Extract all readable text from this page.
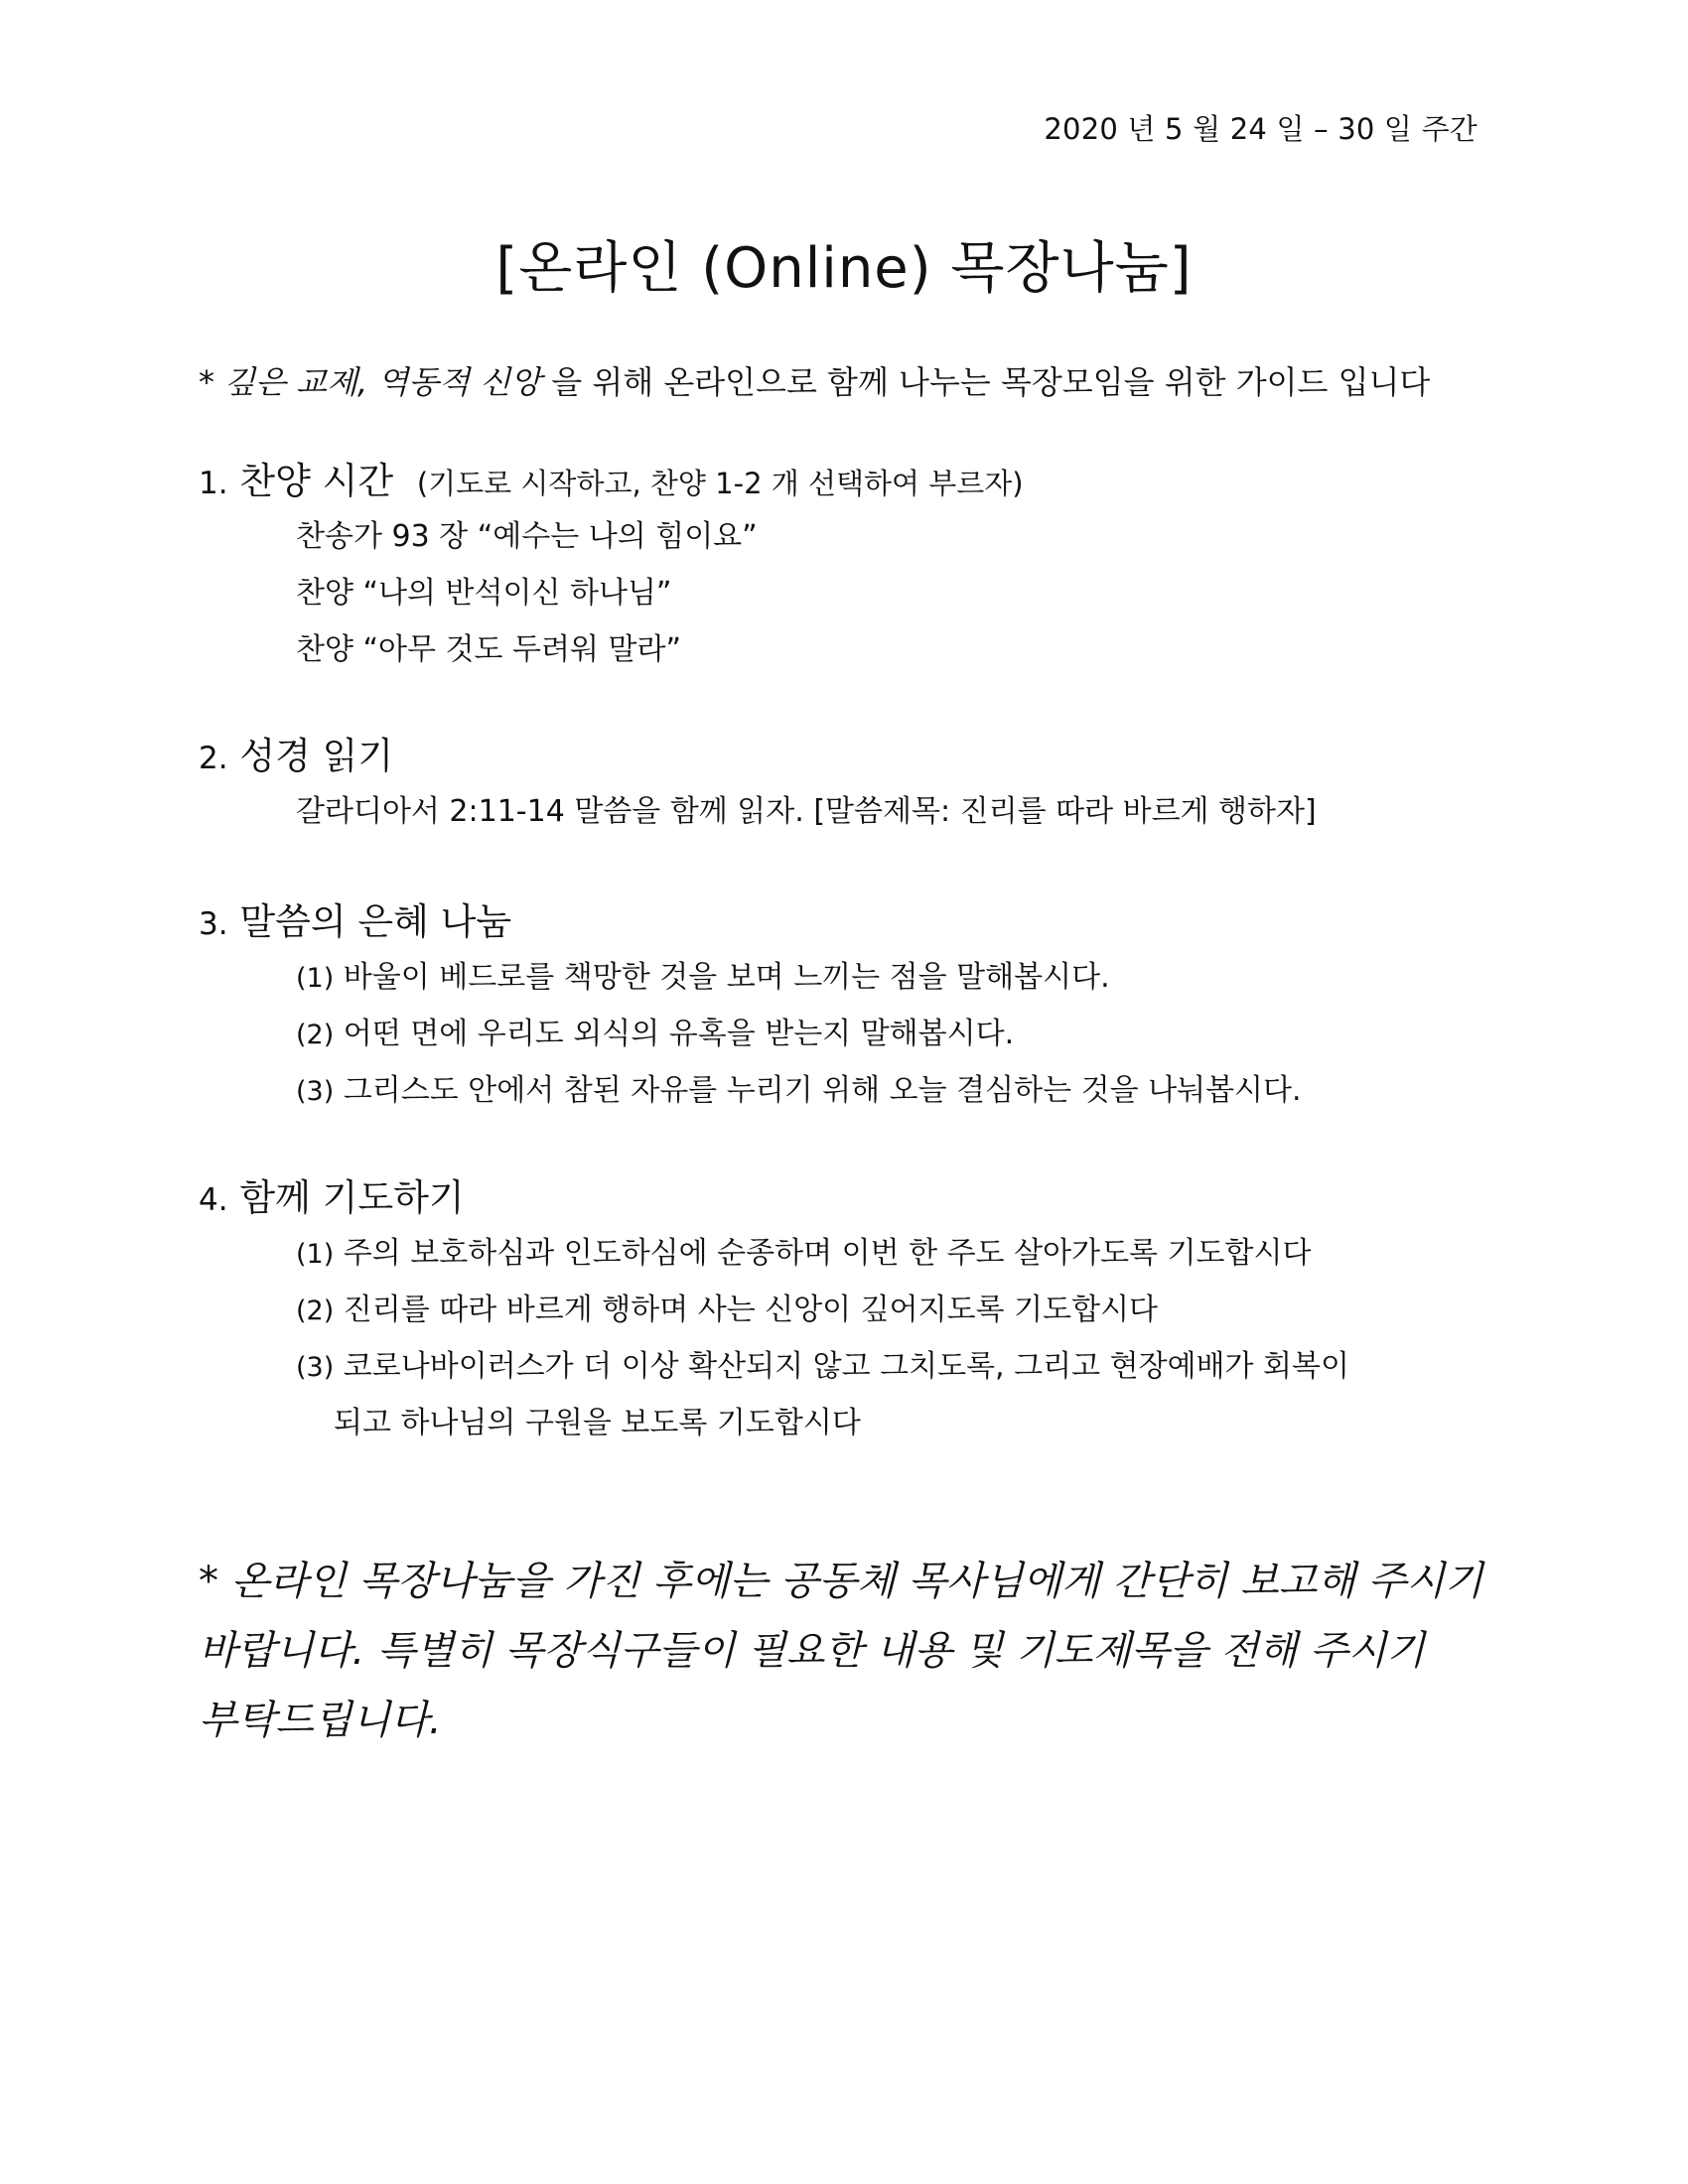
2020 년 5 월 24 일 – 30 일 주간
[온라인 (Online) 목장나눔]
* 깊은 교제, 역동적 신앙 을 위해 온라인으로 함께 나누는 목장모임을 위한 가이드 입니다
1. 찬양 시간 (기도로 시작하고, 찬양 1-2 개 선택하여 부르자)
찬송가 93 장 “예수는 나의 힘이요”
찬양 “나의 반석이신 하나님”
찬양 “아무 것도 두려워 말라”
2. 성경 읽기
갈라디아서 2:11-14 말씀을 함께 읽자. [말씀제목: 진리를 따라 바르게 행하자]
3. 말씀의 은혜 나눔
(1) 바울이 베드로를 책망한 것을 보며 느끼는 점을 말해봅시다.
(2) 어떤 면에 우리도 외식의 유혹을 받는지 말해봅시다.
(3) 그리스도 안에서 참된 자유를 누리기 위해 오늘 결심하는 것을 나눠봅시다.
4. 함께 기도하기
(1) 주의 보호하심과 인도하심에 순종하며 이번 한 주도 살아가도록 기도합시다
(2) 진리를 따라 바르게 행하며 사는 신앙이 깊어지도록 기도합시다
(3) 코로나바이러스가 더 이상 확산되지 않고 그치도록, 그리고 현장예배가 회복이
되고 하나님의 구원을 보도록 기도합시다
* 온라인 목장나눔을 가진 후에는 공동체 목사님에게 간단히 보고해 주시기
바랍니다. 특별히 목장식구들이 필요한 내용 및 기도제목을 전해 주시기
부탁드립니다.
